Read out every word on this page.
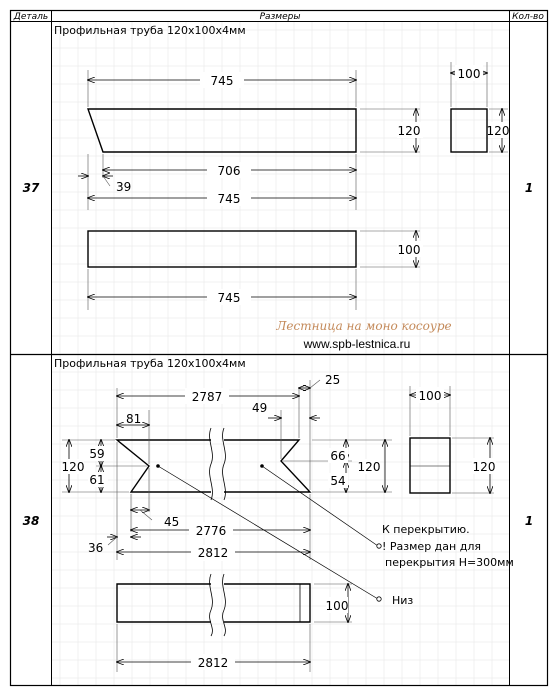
Деталь	Размеры	Кол-во
37	1
38	1
Профильная труба 120х100х4мм
745
706
39
745
120
100
120
745
100
Лестница на моно косоуре
www.spb-lestnica.ru
Профильная труба 120х100х4мм
2787
25
49
81
120
59
61
66
54
120
45
2776
36	2812
К перекрытию.
! Размер дан для
перекрытия Н=300мм
Низ
100
120
100
2812
